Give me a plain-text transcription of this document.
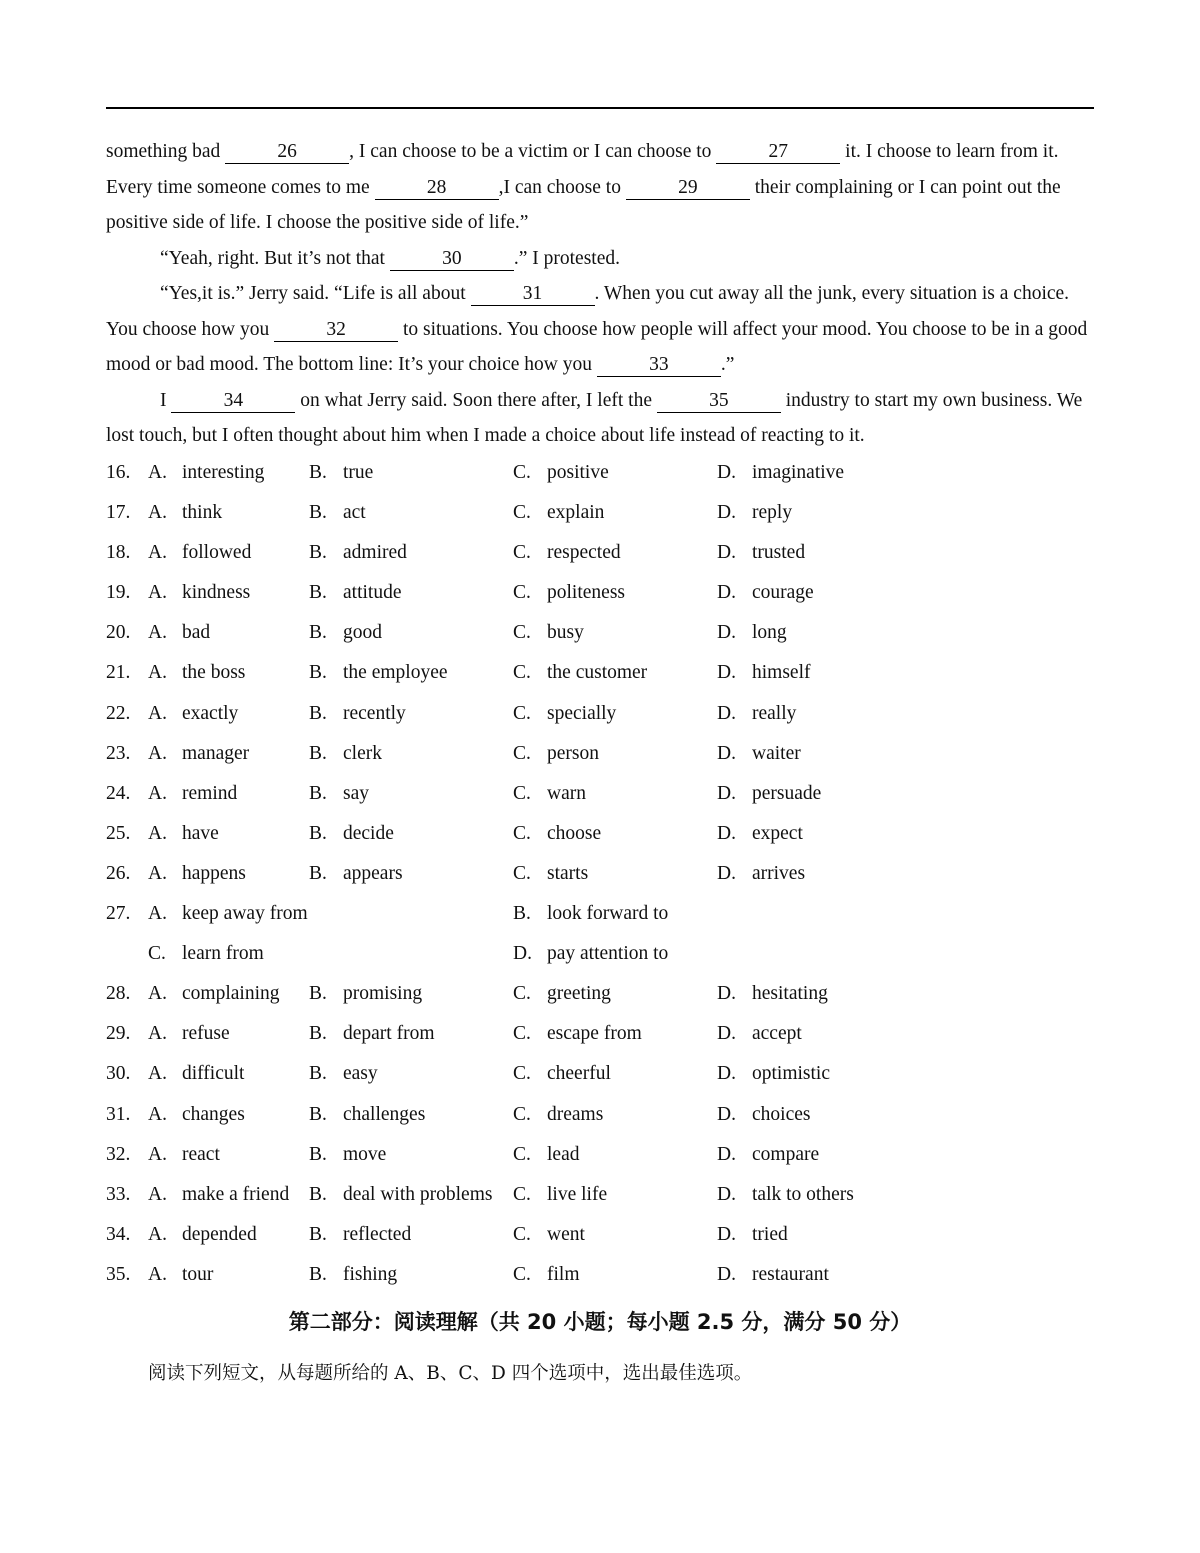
something bad	26	, I can choose to be a victim or I can choose to	27	it. I choose to learn from it. Every time someone comes to me	28	,I can choose to	29	their complaining or I can point out the positive side of life. I choose the positive side of life.”

“Yeah, right. But it’s not that	30	.” I protested.

“Yes,it is.” Jerry said. “Life is all about	31	. When you cut away all the junk, every situation is a choice. You choose how you	32	to situations. You choose how people will affect your mood. You choose to be in a good mood or bad mood. The bottom line: It’s your choice how you	33	.”

I	34	on what Jerry said. Soon there after, I left the	35	industry to start my own business. We lost touch, but I often thought about him when I made a choice about life instead of reacting to it.

16. A. interesting B. true	C. positive	D. imaginative
17. A. think	B. act	C. explain	D. reply
18. A. followed	B. admired	C. respected	D. trusted
19. A. kindness	B. attitude	C. politeness	D. courage
20. A. bad	B. good	C. busy	D. long
21. A. the boss	B. the employee	C. the customer	D. himself
22. A. exactly	B. recently	C. specially	D. really
23. A. manager	B. clerk	C. person	D. waiter
24. A. remind	B. say	C. warn	D. persuade
25. A. have	B. decide	C. choose	D. expect
26. A. happens	B. appears	C. starts	D. arrives
27. A. keep away from	B. look forward to
C. learn from	D. pay attention to
28. A. complaining B. promising	C. greeting	D. hesitating
29. A. refuse	B. depart from	C. escape from	D. accept
30. A. difficult	B. easy	C. cheerful	D. optimistic
31. A. changes	B. challenges	C. dreams	D. choices
32. A. react	B. move	C. lead	D. compare
33. A. make a friend B. deal with problems C. live life	D. talk to others
34. A. depended	B. reflected	C. went	D. tried
35. A. tour	B. fishing	C. film	D. restaurant
第二部分：阅读理解（共 20 小题；每小题 2.5 分，满分 50 分）
阅读下列短文，从每题所给的 A、B、C、D 四个选项中，选出最佳选项。
